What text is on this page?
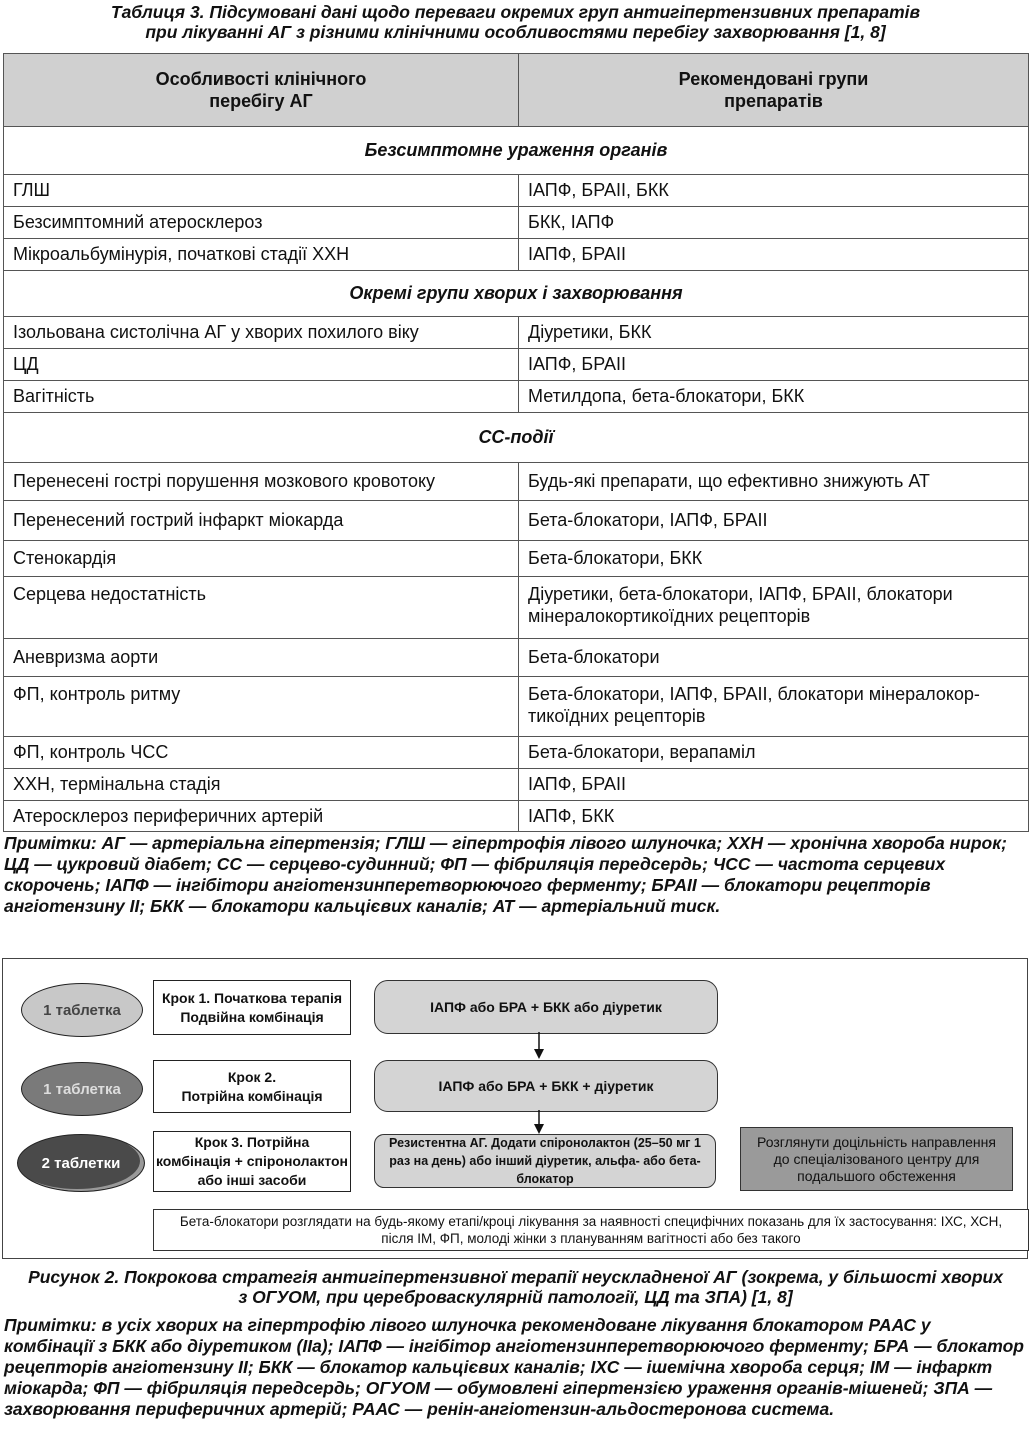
Таблиця 3. Підсумовані дані щодо переваги окремих груп антигіпертензивних препаратів
при лікуванні АГ з різними клінічними особливостями перебігу захворювання [1, 8]
Особливості клінічного перебігу АГ	Рекомендовані групи препаратів

Безсимптомне ураження органів	
ГЛШ	ІАПФ, БРАІІ, БКК
Безсимптомний атеросклероз	БКК, ІАПФ
Мікроальбумінурія, початкові стадії ХХН	ІАПФ, БРАІІ
Окремі групи хворих і захворювання	
Ізольована систолічна АГ у хворих похилого віку	Діуретики, БКК
ЦД	ІАПФ, БРАІІ
Вагітність	Метилдопа, бета-блокатори, БКК
СС-події	
Перенесені гострі порушення мозкового кровотоку	Будь-які препарати, що ефективно знижують АТ
Перенесений гострий інфаркт міокарда	Бета-блокатори, ІАПФ, БРАІІ
Стенокардія	Бета-блокатори, БКК
Серцева недостатність	Діуретики, бета-блокатори, ІАПФ, БРАІІ, блокатори мінералокортикоїдних рецепторів
Аневризма аорти	Бета-блокатори
ФП, контроль ритму	Бета-блокатори, ІАПФ, БРАІІ, блокатори мінералокор-тикоїдних рецепторів
ФП, контроль ЧСС	Бета-блокатори, верапаміл
ХХН, термінальна стадія	ІАПФ, БРАІІ
Атеросклероз периферичних артерій	ІАПФ, БКК
Примітки: АГ — артеріальна гіпертензія; ГЛШ — гіпертрофія лівого шлуночка; ХХН — хронічна хвороба нирок; ЦД — цукровий діабет; СС — серцево-судинний; ФП — фібриляція передсердь; ЧСС — частота серцевих скорочень; ІАПФ — інгібітори ангіотензинперетворюючого ферменту; БРАІІ — блокатори рецепторів ангіотензину ІІ; БКК — блокатори кальцієвих каналів; АТ — артеріальний тиск.
1 таблетка
1 таблетка
2 таблетки
Крок 1. Початкова терапія
Подвійна комбінація
Крок 2.
Потрійна комбінація
Крок 3. Потрійна
комбінація + спіронолактон
або інші засоби
ІАПФ або БРА + БКК або діуретик
ІАПФ або БРА + БКК + діуретик
Резистентна АГ. Додати спіронолактон (25–50 мг 1 раз на день) або інший діуретик, альфа- або бета-блокатор
Розглянути доцільність направлення до спеціалізованого центру для подальшого обстеження
Бета-блокатори розглядати на будь-якому етапі/кроці лікування за наявності специфічних показань для їх застосування: ІХС, ХСН, після ІМ, ФП, молоді жінки з плануванням вагітності або без такого
Рисунок 2. Покрокова стратегія антигіпертензивної терапії неускладненої АГ (зокрема, у більшості хворих
з ОГУОМ, при цереброваскулярній патології, ЦД та ЗПА) [1, 8]
Примітки: в усіх хворих на гіпертрофію лівого шлуночка рекомендоване лікування блокатором РААС у комбінації з БКК або діуретиком (ІІа); ІАПФ — інгібітор ангіотензинперетворюючого ферменту; БРА — блокатор рецепторів ангіотензину ІІ; БКК — блокатор кальцієвих каналів; ІХС — ішемічна хвороба серця; ІМ — інфаркт міокарда; ФП — фібриляція передсердь; ОГУОМ — обумовлені гіпертензією ураження органів-мішеней; ЗПА — захворювання периферичних артерій; РААС — ренін-ангіотензин-альдостеронова система.
